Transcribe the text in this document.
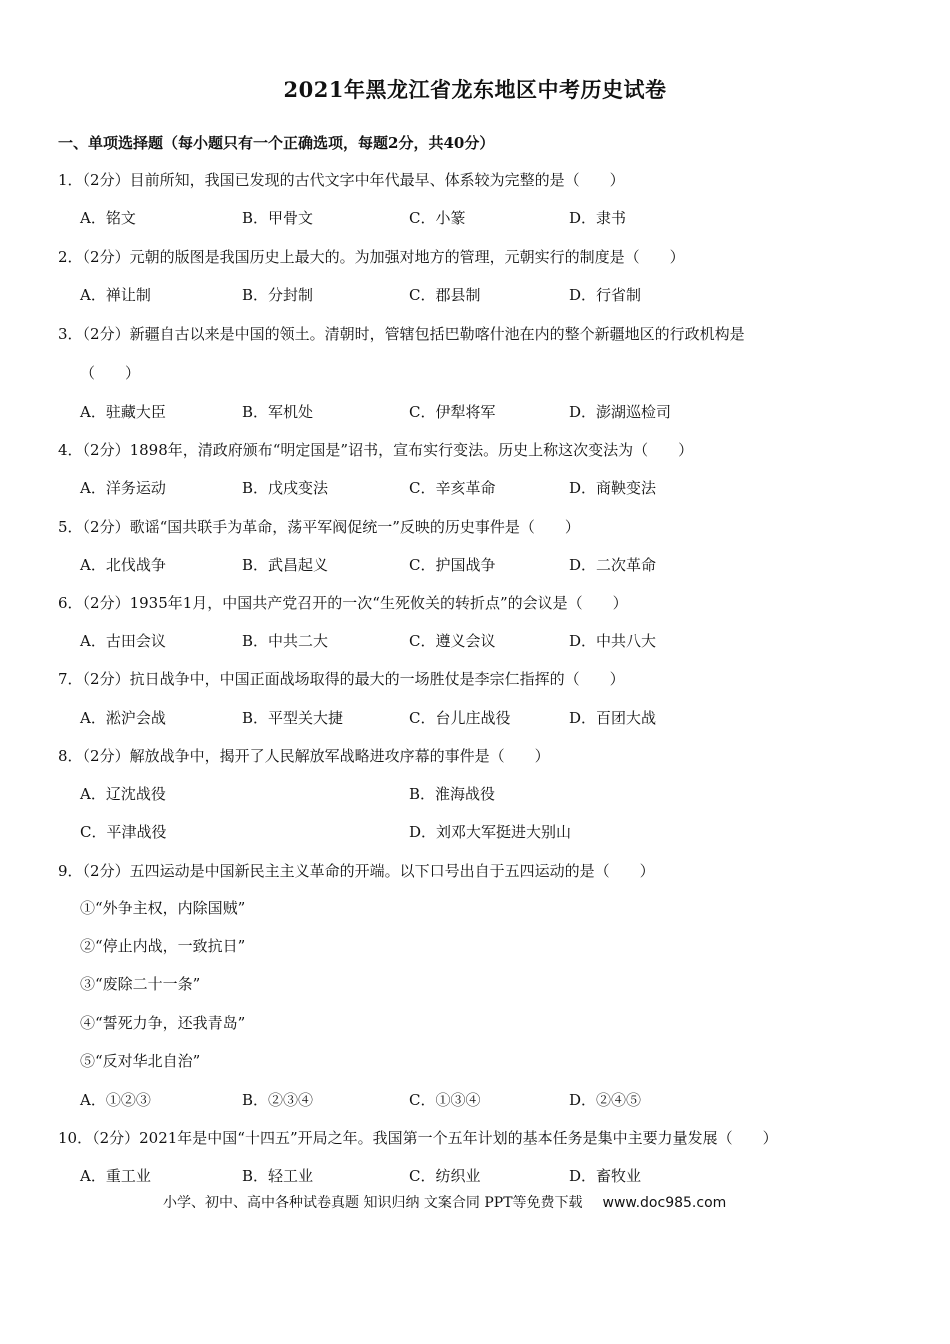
2021年黑龙江省龙东地区中考历史试卷
一、单项选择题（每小题只有一个正确选项，每题2分，共40分）
1．（2分）目前所知，我国已发现的古代文字中年代最早、体系较为完整的是（　　）
A．铭文	B．甲骨文	C．小篆	D．隶书
2．（2分）元朝的版图是我国历史上最大的。为加强对地方的管理，元朝实行的制度是（　　）
A．禅让制	B．分封制	C．郡县制	D．行省制
3．（2分）新疆自古以来是中国的领土。清朝时，管辖包括巴勒喀什池在内的整个新疆地区的行政机构是
（　　）
A．驻藏大臣	B．军机处	C．伊犁将军	D．澎湖巡检司
4．（2分）1898年，清政府颁布“明定国是”诏书，宣布实行变法。历史上称这次变法为（　　）
A．洋务运动	B．戊戌变法	C．辛亥革命	D．商鞅变法
5．（2分）歌谣“国共联手为革命，荡平军阀促统一”反映的历史事件是（　　）
A．北伐战争	B．武昌起义	C．护国战争	D．二次革命
6．（2分）1935年1月，中国共产党召开的一次“生死攸关的转折点”的会议是（　　）
A．古田会议	B．中共二大	C．遵义会议	D．中共八大
7．（2分）抗日战争中，中国正面战场取得的最大的一场胜仗是李宗仁指挥的（　　）
A．淞沪会战	B．平型关大捷	C．台儿庄战役	D．百团大战
8．（2分）解放战争中，揭开了人民解放军战略进攻序幕的事件是（　　）
A．辽沈战役	B．淮海战役
C．平津战役	D．刘邓大军挺进大别山
9．（2分）五四运动是中国新民主主义革命的开端。以下口号出自于五四运动的是（　　）
①“外争主权，内除国贼”
②“停止内战，一致抗日”
③“废除二十一条”
④“誓死力争，还我青岛”
⑤“反对华北自治”
A．①②③	B．②③④	C．①③④	D．②④⑤
10．（2分）2021年是中国“十四五”开局之年。我国第一个五年计划的基本任务是集中主要力量发展（　　）
A．重工业	B．轻工业	C．纺织业	D．畜牧业
小学、初中、高中各种试卷真题 知识归纳 文案合同 PPT等免费下载 www.doc985.com
